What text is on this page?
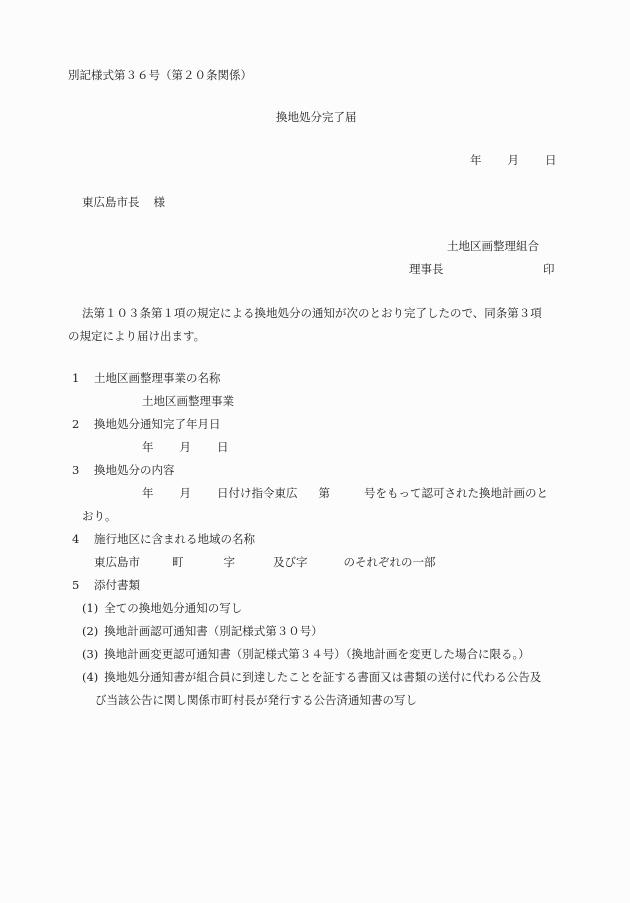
別記様式第３６号（第２０条関係）
換地処分完了届
年 月 日
東広島市長 様
土地区画整理組合
理事長	印
法第１０３条第１項の規定による換地処分の通知が次のとおり完了したので、同条第３項
の規定により届け出ます。
1 土地区画整理事業の名称
土地区画整理事業
2 換地処分通知完了年月日
年 月 日
3 換地処分の内容
年 月 日付け指令東広 第	号をもって認可された換地計画のと
おり。
4 施行地区に含まれる地域の名称
東広島市	町	字	及び字	のそれぞれの一部
5 添付書類
(1) 全ての換地処分通知の写し
(2) 換地計画認可通知書（別記様式第３０号）
(3) 換地計画変更認可通知書（別記様式第３４号）（換地計画を変更した場合に限る。）
(4) 換地処分通知書が組合員に到達したことを証する書面又は書類の送付に代わる公告及
び当該公告に関し関係市町村長が発行する公告済通知書の写し
